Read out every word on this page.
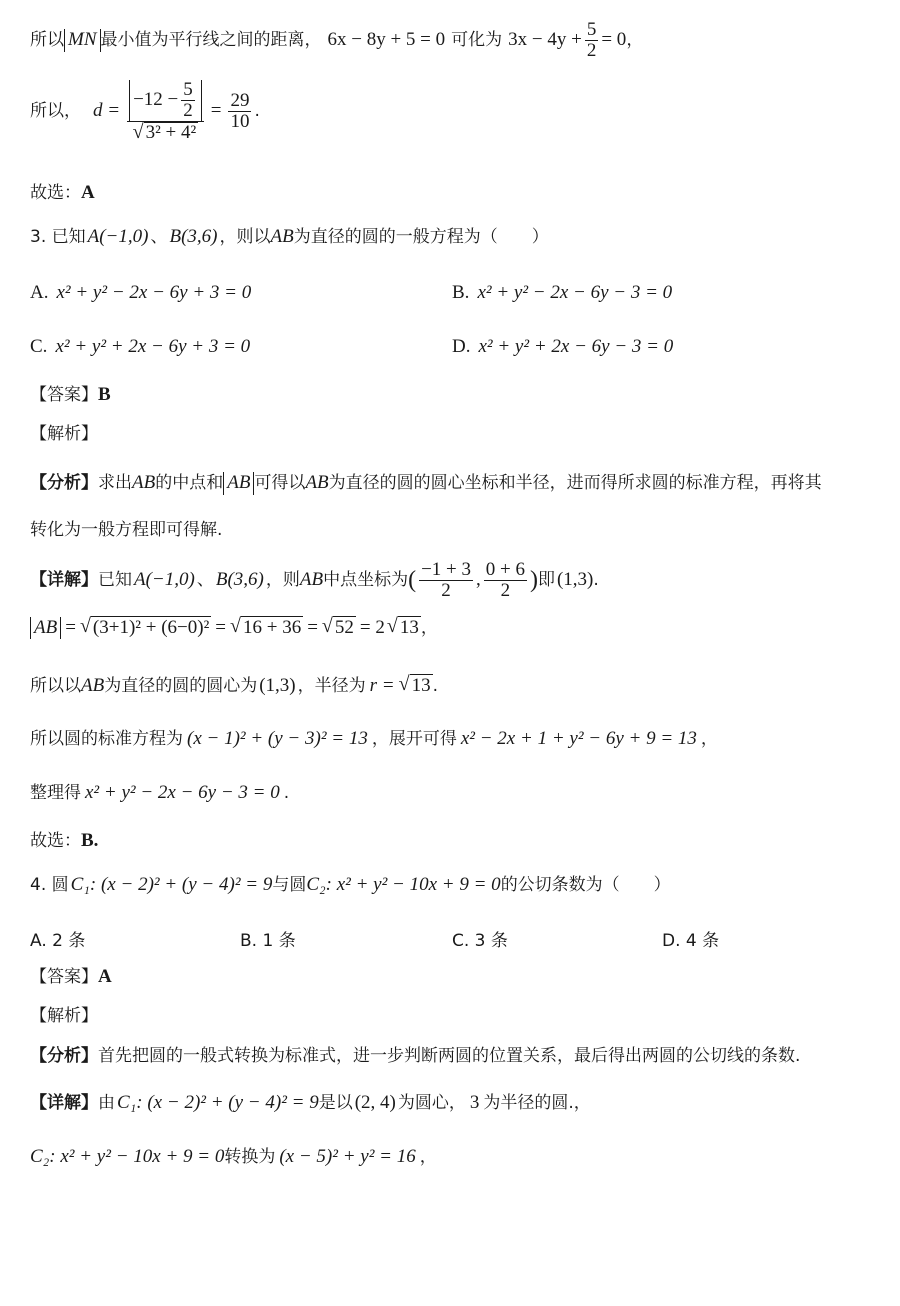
所以 MN 最小值为平行线之间的距离， 6x − 8y + 5 = 0 可化为 $3x - 4y + \frac{5}{2} = 0$ ，
所以， $d = \frac{-12 - \frac{5}{2}}{\text{√ 3² + 4²}} = \frac{29}{10}$ .
故选： A
3. 已知 A(−1,0) 、 B(3,6) ，则以 AB 为直径的圆的一般方程为（　　）
A. x² + y² − 2x − 6y + 3 = 0	B. x² + y² − 2x − 6y − 3 = 0
C. x² + y² + 2x − 6y + 3 = 0	D. x² + y² + 2x − 6y − 3 = 0
【答案】 B
【解析】
【分析】 求出 AB 的中点和 AB 可得以 AB 为直径的圆的圆心坐标和半径，进而得所求圆的标准方程，再将其
转化为一般方程即可得解.
【详解】 已知 A(−1,0) 、 B(3,6) ，则 AB 中点坐标为 ( $\frac{-1 + 3}{2}$ , $\frac{0 + 6}{2}$ ) 即 (1,3) .
AB = √ (3+1)² + (6−0)² = √ 16 + 36 = √ 52 = 2 √ 13 ，
所以以 AB 为直径的圆的圆心为 (1,3) ，半径为 r = √ 13 .
所以圆的标准方程为 (x − 1)² + (y − 3)² = 13 ，展开可得 x² − 2x + 1 + y² − 6y + 9 = 13 ，
整理得 x² + y² − 2x − 6y − 3 = 0 .
故选： B.
4. 圆 C₁ : (x − 2)² + (y − 4)² = 9 与圆 C₂ : x² + y² − 10x + 9 = 0 的公切条数为（　　）
A. 2 条	B. 1 条	C. 3 条	D. 4 条
【答案】 A
【解析】
【分析】 首先把圆的一般式转换为标准式，进一步判断两圆的位置关系，最后得出两圆的公切线的条数.
【详解】 由 C₁ : (x − 2)² + (y − 4)² = 9 是以 (2, 4) 为圆心， 3 为半径的圆.，
C₂ : x² + y² − 10x + 9 = 0 转换为 (x − 5)² + y² = 16 ，
